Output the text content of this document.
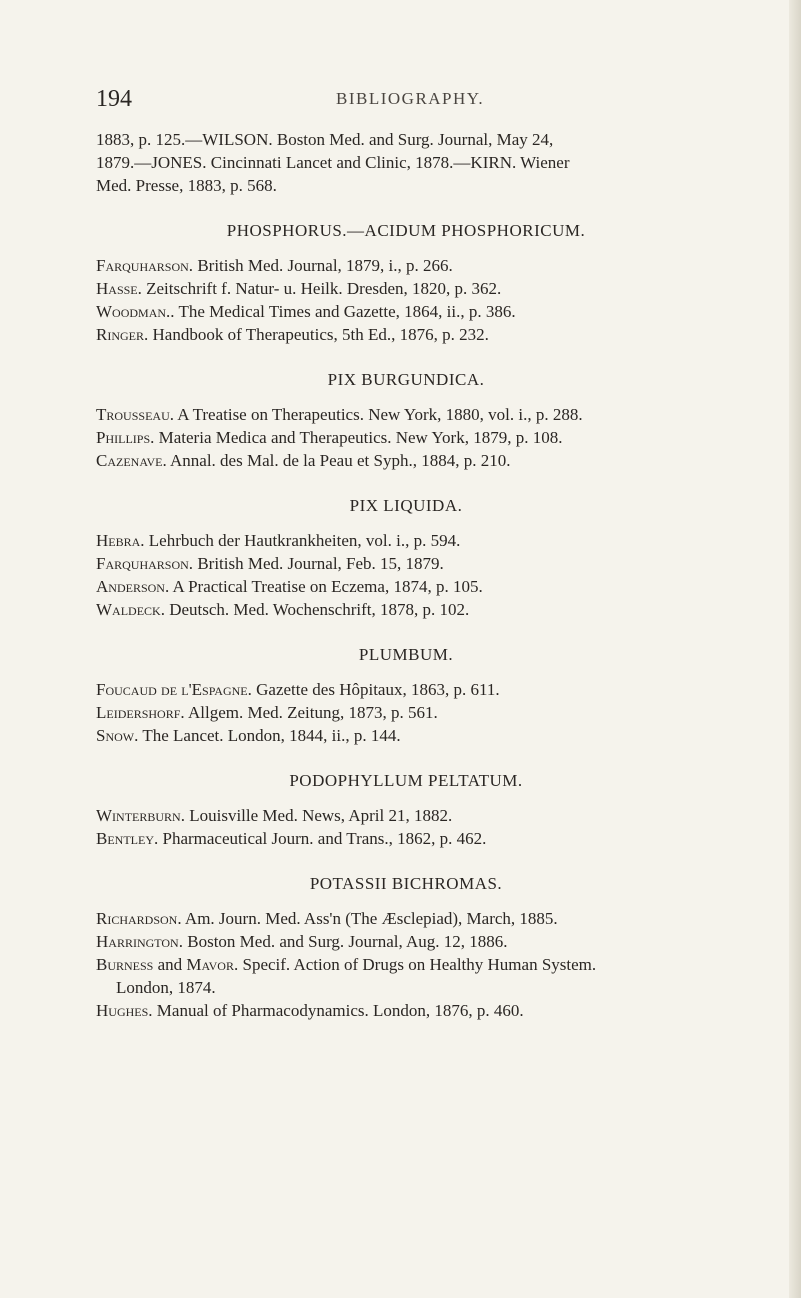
194	BIBLIOGRAPHY.

1883, p. 125.—WILSON. Boston Med. and Surg. Journal, May 24,

1879.—JONES. Cincinnati Lancet and Clinic, 1878.—KIRN. Wiener

Med. Presse, 1883, p. 568.

PHOSPHORUS.—ACIDUM PHOSPHORICUM.

Farquharson. British Med. Journal, 1879, i., p. 266.

Hasse. Zeitschrift f. Natur- u. Heilk. Dresden, 1820, p. 362.

Woodman.. The Medical Times and Gazette, 1864, ii., p. 386.

Ringer. Handbook of Therapeutics, 5th Ed., 1876, p. 232.

PIX BURGUNDICA.

Trousseau. A Treatise on Therapeutics. New York, 1880, vol. i., p. 288.

Phillips. Materia Medica and Therapeutics. New York, 1879, p. 108.

Cazenave. Annal. des Mal. de la Peau et Syph., 1884, p. 210.

PIX LIQUIDA.

Hebra. Lehrbuch der Hautkrankheiten, vol. i., p. 594.

Farquharson. British Med. Journal, Feb. 15, 1879.

Anderson. A Practical Treatise on Eczema, 1874, p. 105.

Waldeck. Deutsch. Med. Wochenschrift, 1878, p. 102.

PLUMBUM.

Foucaud de l'Espagne. Gazette des Hôpitaux, 1863, p. 611.

Leidershorf. Allgem. Med. Zeitung, 1873, p. 561.

Snow. The Lancet. London, 1844, ii., p. 144.

PODOPHYLLUM PELTATUM.

Winterburn. Louisville Med. News, April 21, 1882.

Bentley. Pharmaceutical Journ. and Trans., 1862, p. 462.

POTASSII BICHROMAS.

Richardson. Am. Journ. Med. Ass'n (The Æsclepiad), March, 1885.

Harrington. Boston Med. and Surg. Journal, Aug. 12, 1886.

Burness and Mavor. Specif. Action of Drugs on Healthy Human System.
London, 1874.

Hughes. Manual of Pharmacodynamics. London, 1876, p. 460.
